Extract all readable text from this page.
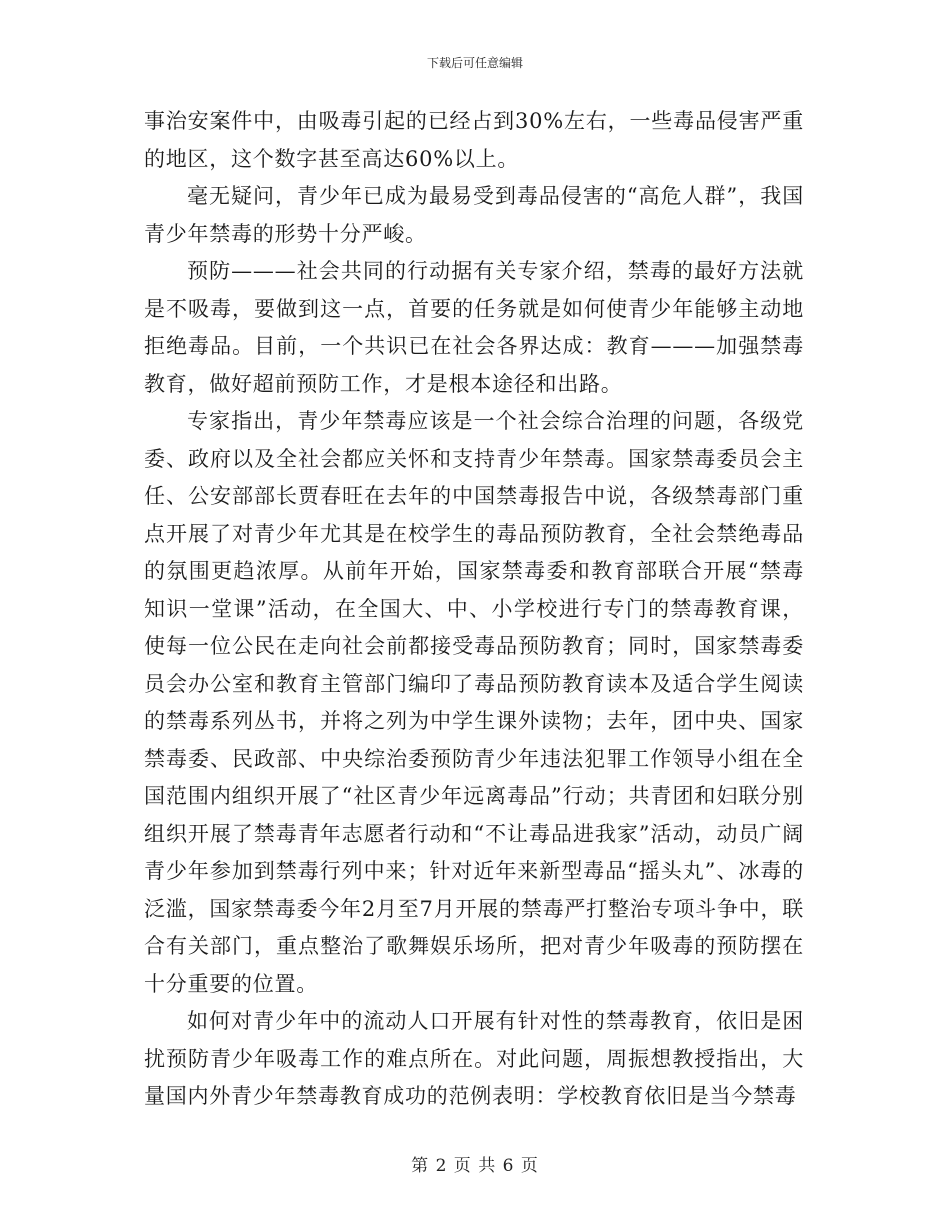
下载后可任意编辑

事治安案件中，由吸毒引起的已经占到30%左右，一些毒品侵害严重的地区，这个数字甚至高达60%以上。

毫无疑问，青少年已成为最易受到毒品侵害的“高危人群”，我国青少年禁毒的形势十分严峻。

预防———社会共同的行动据有关专家介绍，禁毒的最好方法就是不吸毒，要做到这一点，首要的任务就是如何使青少年能够主动地拒绝毒品。目前，一个共识已在社会各界达成：教育———加强禁毒教育，做好超前预防工作，才是根本途径和出路。

专家指出，青少年禁毒应该是一个社会综合治理的问题，各级党委、政府以及全社会都应关怀和支持青少年禁毒。国家禁毒委员会主任、公安部部长贾春旺在去年的中国禁毒报告中说，各级禁毒部门重点开展了对青少年尤其是在校学生的毒品预防教育，全社会禁绝毒品的氛围更趋浓厚。从前年开始，国家禁毒委和教育部联合开展“禁毒知识一堂课”活动，在全国大、中、小学校进行专门的禁毒教育课，使每一位公民在走向社会前都接受毒品预防教育；同时，国家禁毒委员会办公室和教育主管部门编印了毒品预防教育读本及适合学生阅读的禁毒系列丛书，并将之列为中学生课外读物；去年，团中央、国家禁毒委、民政部、中央综治委预防青少年违法犯罪工作领导小组在全国范围内组织开展了“社区青少年远离毒品”行动；共青团和妇联分别组织开展了禁毒青年志愿者行动和“不让毒品进我家”活动，动员广阔青少年参加到禁毒行列中来；针对近年来新型毒品“摇头丸”、冰毒的泛滥，国家禁毒委今年2月至7月开展的禁毒严打整治专项斗争中，联合有关部门，重点整治了歌舞娱乐场所，把对青少年吸毒的预防摆在十分重要的位置。

如何对青少年中的流动人口开展有针对性的禁毒教育，依旧是困扰预防青少年吸毒工作的难点所在。对此问题，周振想教授指出，大量国内外青少年禁毒教育成功的范例表明：学校教育依旧是当今禁毒

第 2 页 共 6 页
